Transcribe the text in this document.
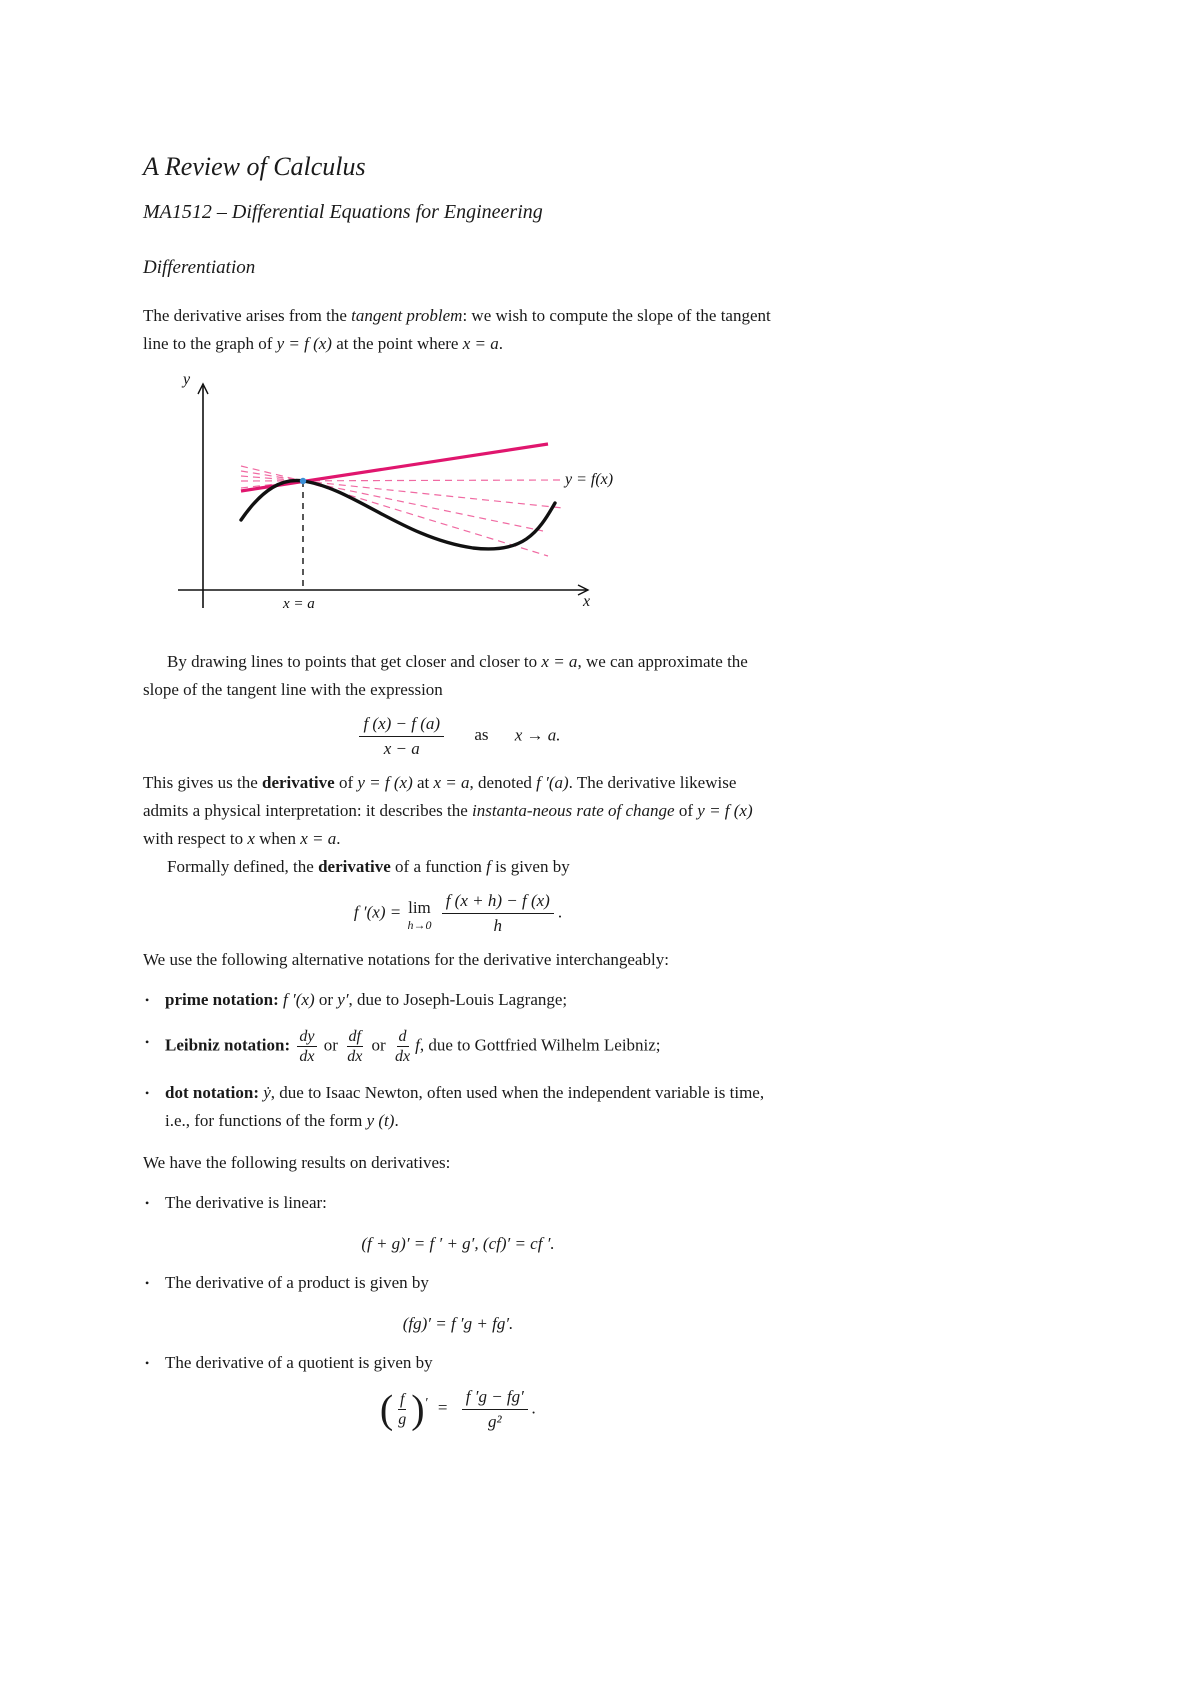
A Review of Calculus
MA1512 – Differential Equations for Engineering
Differentiation

The derivative arises from the tangent problem: we wish to compute the slope of the tangent line to the graph of y = f (x) at the point where x = a.

y
x
y = f(x)
x = a

By drawing lines to points that get closer and closer to x = a, we can approximate the slope of the tangent line with the expression

$\frac{f (x) - f (a)}{x - a}$ as x → a.

This gives us the derivative of y = f (x) at x = a, denoted f ′(a). The derivative likewise admits a physical interpretation: it describes the instanta-neous rate of change of y = f (x) with respect to x when x = a.

Formally defined, the derivative of a function f is given by

f ′(x) = lim
h→0
$\frac{f (x + h) - f (x)}{h}$ .

We use the following alternative notations for the derivative interchangeably:

• prime notation: f ′(x) or y′, due to Joseph-Louis Lagrange;
• Leibniz notation: $\frac{dy}{dx}$ or $\frac{df}{dx}$ or $\frac{d}{dx} f$, due to Gottfried Wilhelm Leibniz;
• dot notation: ẏ, due to Isaac Newton, often used when the independent variable is time, i.e., for functions of the form y (t).

We have the following results on derivatives:

• The derivative is linear:
(f + g)′ = f ′ + g′, (cf)′ = cf ′.
• The derivative of a product is given by
(fg)′ = f ′g + fg′.
• The derivative of a quotient is given by
( $\frac{f}{g} )' = \frac{f 'g - fg'}{\text{g²}}$ .
